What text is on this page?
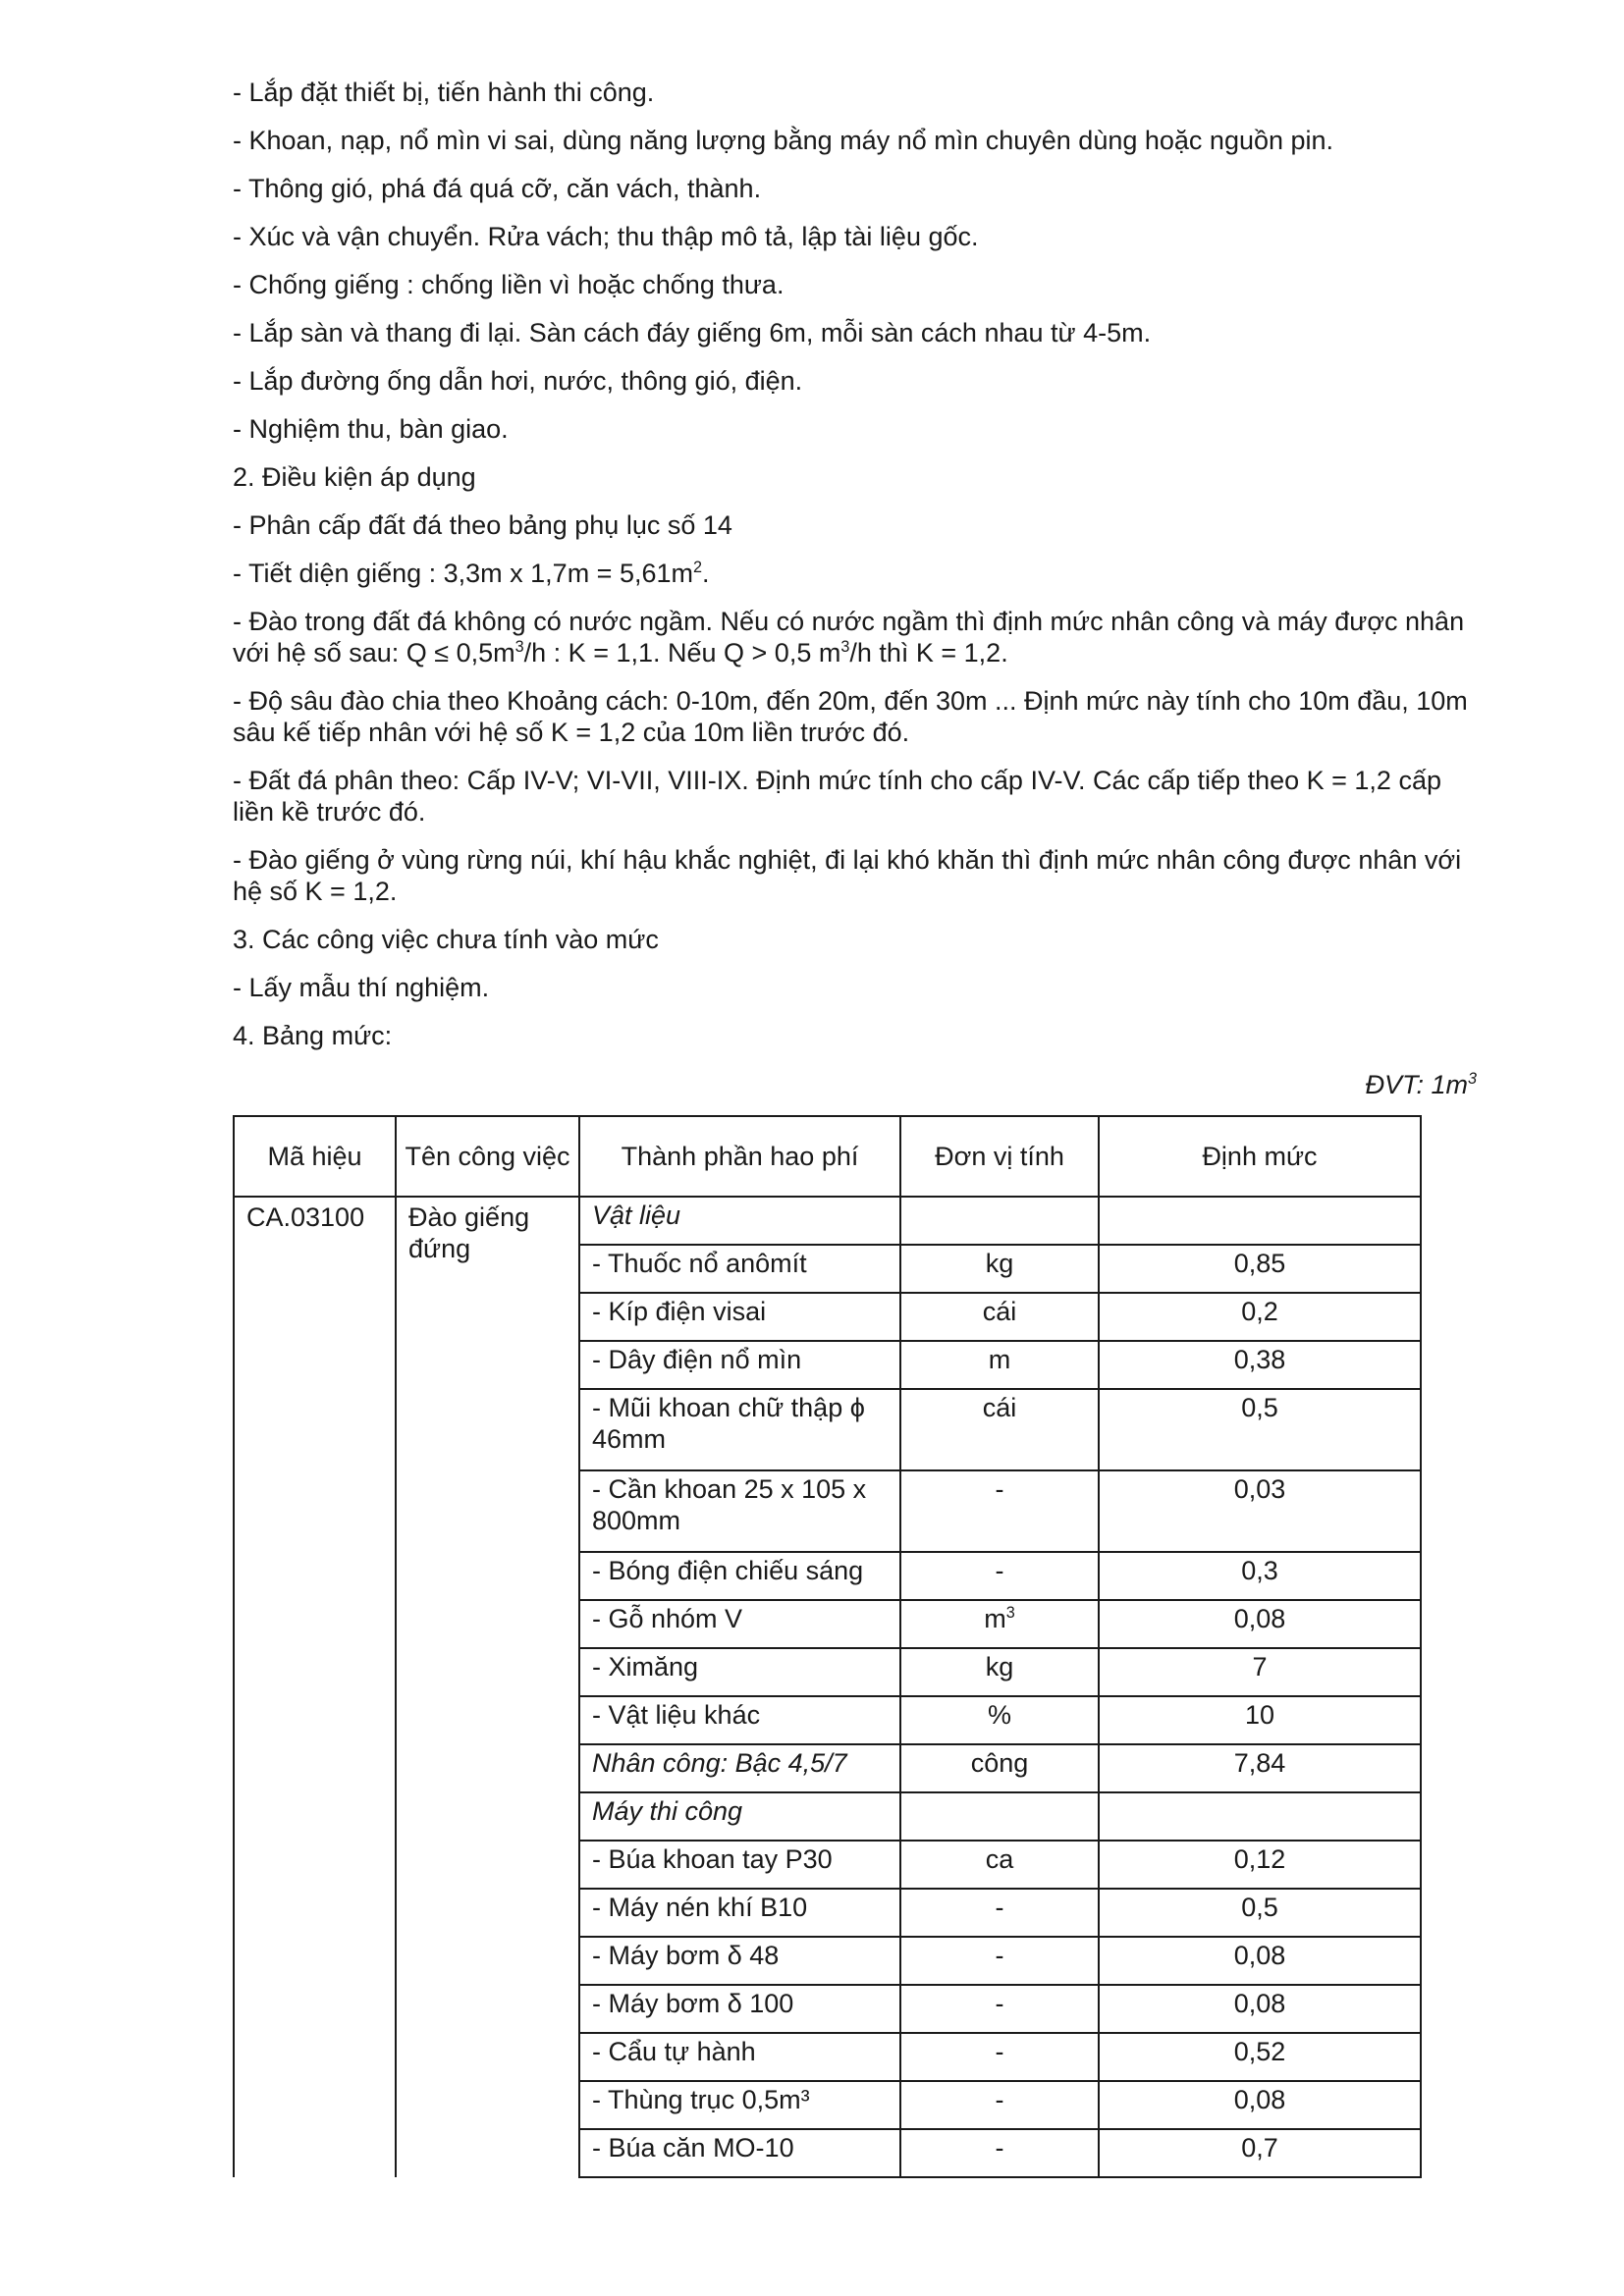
- Lắp đặt thiết bị, tiến hành thi công.

- Khoan, nạp, nổ mìn vi sai, dùng năng lượng bằng máy nổ mìn chuyên dùng hoặc nguồn pin.

- Thông gió, phá đá quá cỡ, căn vách, thành.

- Xúc và vận chuyển. Rửa vách; thu thập mô tả, lập tài liệu gốc.

- Chống giếng : chống liền vì hoặc chống thưa.

- Lắp sàn và thang đi lại. Sàn cách đáy giếng 6m, mỗi sàn cách nhau từ 4-5m.

- Lắp đường ống dẫn hơi, nước, thông gió, điện.

- Nghiệm thu, bàn giao.

2. Điều kiện áp dụng

- Phân cấp đất đá theo bảng phụ lục số 14

- Tiết diện giếng : 3,3m x $1,7m = 5,61m^2$.

- Đào trong đất đá không có nước ngầm. Nếu có nước ngầm thì định mức nhân công và máy được nhân với hệ số sau: $Q \le 0,5m^3/h$ : K = 1,1. Nếu Q > 0,5 $m^3/h$ thì K = 1,2.

- Độ sâu đào chia theo Khoảng cách: 0-10m, đến 20m, đến 30m ... Định mức này tính cho 10m đầu, 10m sâu kế tiếp nhân với hệ số K = 1,2 của 10m liền trước đó.

- Đất đá phân theo: Cấp IV-V; VI-VII, VIII-IX. Định mức tính cho cấp IV-V. Các cấp tiếp theo K = 1,2 cấp liền kề trước đó.

- Đào giếng ở vùng rừng núi, khí hậu khắc nghiệt, đi lại khó khăn thì định mức nhân công được nhân với hệ số K = 1,2.

3. Các công việc chưa tính vào mức

- Lấy mẫu thí nghiệm.

4. Bảng mức:

ĐVT: $1m^3$
Mã hiệu	Tên công việc	Thành phần hao phí	Đơn vị tính	Định mức
CA.03100	Đào giếng đứng	Vật liệu		
		- Thuốc nổ anômít	kg	0,85
		- Kíp điện visai	cái	0,2
		- Dây điện nổ mìn	m	0,38
		- Mũi khoan chữ thập ϕ 46mm	cái	0,5
		- Cần khoan 25 x 105 x 800mm	-	0,03
		- Bóng điện chiếu sáng	-	0,3
		- Gỗ nhóm V	$m^3$	0,08
		- Ximăng	kg	7
		- Vật liệu khác	%	10
		Nhân công: Bậc 4,5/7	công	7,84
		Máy thi công		
		- Búa khoan tay P30	ca	0,12
		- Máy nén khí B10	-	0,5
		- Máy bơm δ 48	-	0,08
		- Máy bơm δ 100	-	0,08
		- Cẩu tự hành	-	0,52
		- Thùng trục 0,5m³	-	0,08
		- Búa căn MO-10	-	0,7
